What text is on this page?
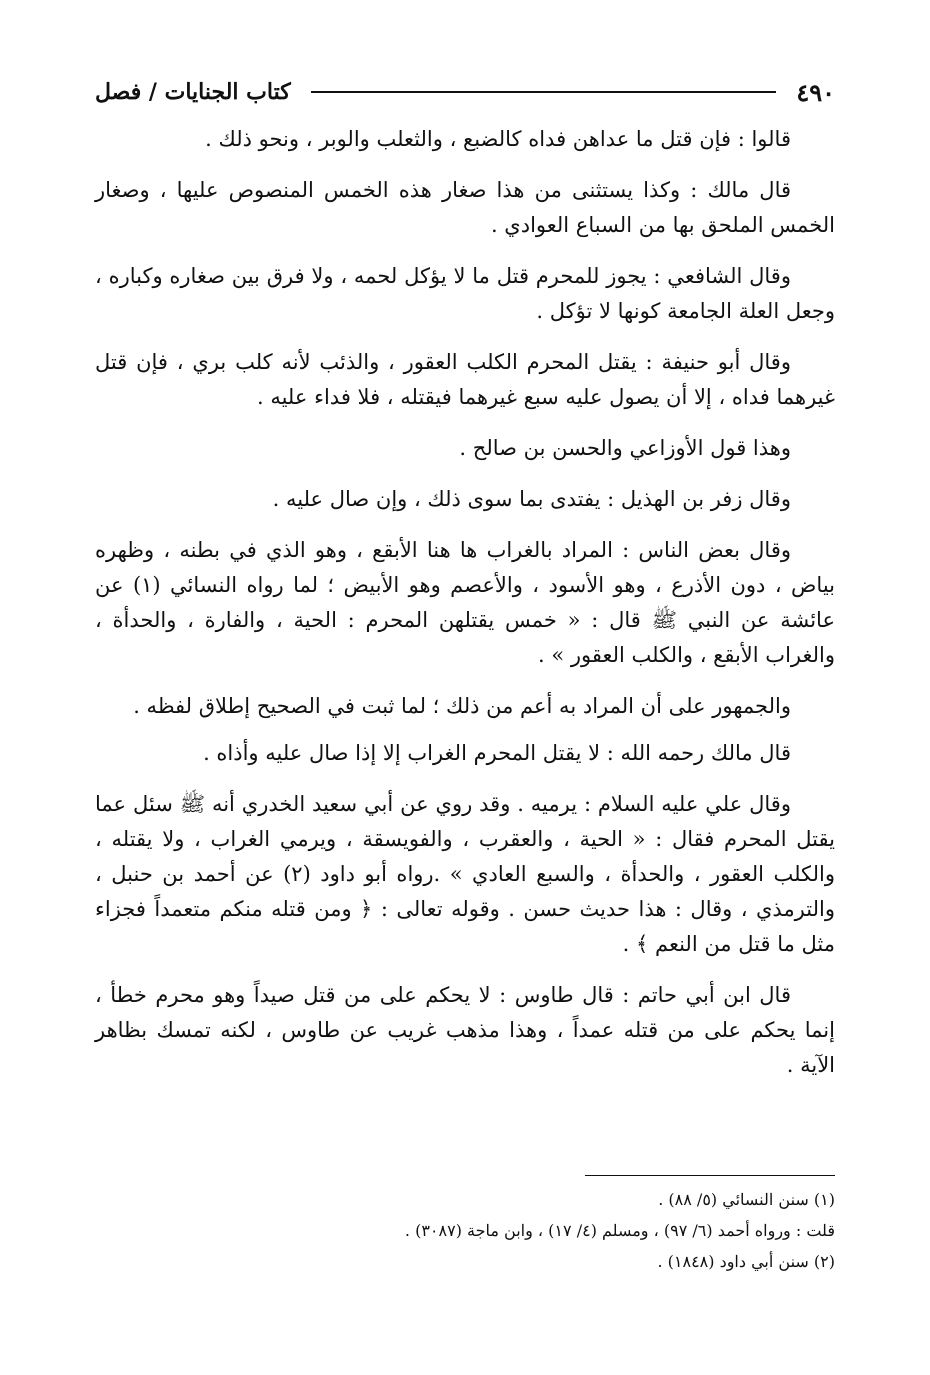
٤٩٠
كتاب الجنايات / فصل

قالوا : فإن قتل ما عداهن فداه كالضبع ، والثعلب والوبر ، ونحو ذلك .

قال مالك : وكذا يستثنى من هذا صغار هذه الخمس المنصوص عليها ، وصغار الخمس الملحق بها من السباع العوادي .

وقال الشافعي : يجوز للمحرم قتل ما لا يؤكل لحمه ، ولا فرق بين صغاره وكباره ، وجعل العلة الجامعة كونها لا تؤكل .

وقال أبو حنيفة : يقتل المحرم الكلب العقور ، والذئب لأنه كلب بري ، فإن قتل غيرهما فداه ، إلا أن يصول عليه سبع غيرهما فيقتله ، فلا فداء عليه .

وهذا قول الأوزاعي والحسن بن صالح .

وقال زفر بن الهذيل : يفتدى بما سوى ذلك ، وإن صال عليه .

وقال بعض الناس : المراد بالغراب ها هنا الأبقع ، وهو الذي في بطنه ، وظهره بياض ، دون الأذرع ، وهو الأسود ، والأعصم وهو الأبيض ؛ لما رواه النسائي (١) عن عائشة عن النبي ﷺ قال : « خمس يقتلهن المحرم : الحية ، والفارة ، والحدأة ، والغراب الأبقع ، والكلب العقور » .

والجمهور على أن المراد به أعم من ذلك ؛ لما ثبت في الصحيح إطلاق لفظه .

قال مالك رحمه الله : لا يقتل المحرم الغراب إلا إذا صال عليه وأذاه .

وقال علي عليه السلام : يرميه . وقد روي عن أبي سعيد الخدري أنه ﷺ سئل عما يقتل المحرم فقال : « الحية ، والعقرب ، والفويسقة ، ويرمي الغراب ، ولا يقتله ، والكلب العقور ، والحدأة ، والسبع العادي » .رواه أبو داود (٢) عن أحمد بن حنبل ، والترمذي ، وقال : هذا حديث حسن . وقوله تعالى : ﴿ ومن قتله منكم متعمداً فجزاء مثل ما قتل من النعم ﴾ .

قال ابن أبي حاتم : قال طاوس : لا يحكم على من قتل صيداً وهو محرم خطأ ، إنما يحكم على من قتله عمداً ، وهذا مذهب غريب عن طاوس ، لكنه تمسك بظاهر الآية .

(١) سنن النسائي (٥/ ٨٨) .

قلت : ورواه أحمد (٦/ ٩٧) ، ومسلم (٤/ ١٧) ، وابن ماجة (٣٠٨٧) .

(٢) سنن أبي داود (١٨٤٨) .
